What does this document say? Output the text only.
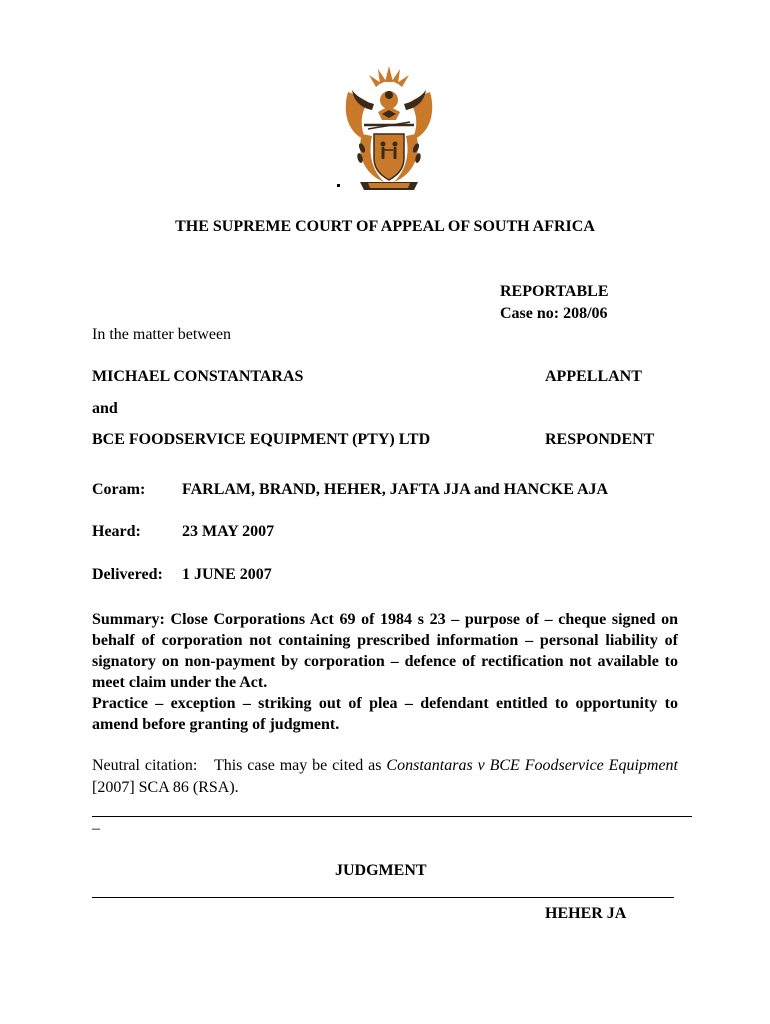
THE SUPREME COURT OF APPEAL OF SOUTH AFRICA
REPORTABLE
Case no: 208/06
In the matter between
MICHAEL CONSTANTARAS	APPELLANT
and
BCE FOODSERVICE EQUIPMENT (PTY) LTD	RESPONDENT
Coram: FARLAM, BRAND, HEHER, JAFTA JJA and HANCKE AJA
Heard:	23 MAY 2007
Delivered: 1 JUNE 2007

Summary: Close Corporations Act 69 of 1984 s 23 – purpose of – cheque signed on behalf of corporation not containing prescribed information – personal liability of signatory on non-payment by corporation – defence of rectification not available to meet claim under the Act.

Practice – exception – striking out of plea – defendant entitled to opportunity to amend before granting of judgment.

Neutral citation: This case may be cited as Constantaras v BCE Foodservice Equipment [2007] SCA 86 (RSA).
–
JUDGMENT
HEHER JA
